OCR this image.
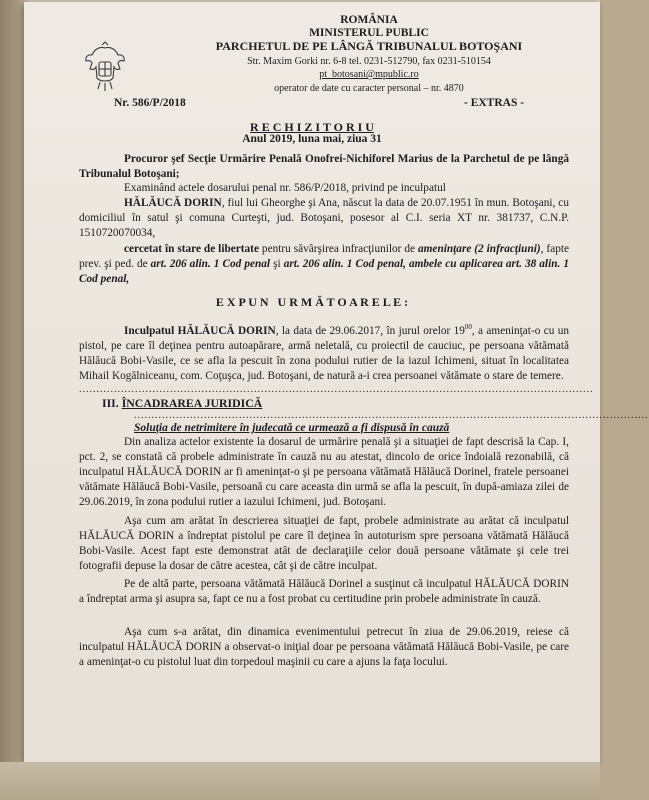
ROMÂNIA
MINISTERUL PUBLIC
PARCHETUL DE PE LÂNGĂ TRIBUNALUL BOTOŞANI
Str. Maxim Gorki nr. 6-8 tel. 0231-512790, fax 0231-510154
pt_botosani@mpublic.ro
operator de date cu caracter personal – nr. 4870
Nr. 586/P/2018	- EXTRAS -
R E C H I Z I T O R I U
Anul 2019, luna mai, ziua 31
Procuror şef Secţie Urmărire Penală Onofrei-Nichiforel Marius de la Parchetul de pe lângă Tribunalul Botoşani;
Examinând actele dosarului penal nr. 586/P/2018, privind pe inculpatul
HĂLĂUCĂ DORIN, fiul lui Gheorghe şi Ana, născut la data de 20.07.1951 în mun. Botoşani, cu domiciliul în satul şi comuna Curteşti, jud. Botoşani, posesor al C.I. seria XT nr. 381737, C.N.P. 1510720070034,
cercetat în stare de libertate pentru săvârşirea infracţiunilor de ameninţare (2 infracţiuni), fapte prev. şi ped. de art. 206 alin. 1 Cod penal şi art. 206 alin. 1 Cod penal, ambele cu aplicarea art. 38 alin. 1 Cod penal,
E X P U N   U R M Ă T O A R E L E :
Inculpatul HĂLĂUCĂ DORIN, la data de 29.06.2017, în jurul orelor $19^{00}$, a ameninţat-o cu un pistol, pe care îl deţinea pentru autoapărare, armă neletală, cu proiectil de cauciuc, pe persoana vătămată Hălăucă Bobi-Vasile, ce se afla la pescuit în zona podului rutier de la iazul Ichimeni, situat în localitatea Mihail Kogălniceanu, com. Coţuşca, jud. Botoşani, de natură a-i crea persoanei vătămate o stare de temere.
...................................................................................................................................................
III. ÎNCADRAREA JURIDICĂ
...................................................................................................................................................
Soluţia de netrimitere în judecată ce urmează a fi dispusă în cauză
Din analiza actelor existente la dosarul de urmărire penală şi a situaţiei de fapt descrisă la Cap. I, pct. 2, se constată că probele administrate în cauză nu au atestat, dincolo de orice îndoială rezonabilă, că inculpatul HĂLĂUCĂ DORIN ar fi ameninţat-o şi pe persoana vătămată Hălăucă Dorinel, fratele persoanei vătămate Hălăucă Bobi-Vasile, persoană cu care aceasta din urmă se afla la pescuit, în după-amiaza zilei de 29.06.2019, în zona podului rutier a iazului Ichimeni, jud. Botoşani.
Aşa cum am arătat în descrierea situaţiei de fapt, probele administrate au arătat că inculpatul HĂLĂUCĂ DORIN a îndreptat pistolul pe care îl deţinea în autoturism spre persoana vătămată Hălăucă Bobi-Vasile. Acest fapt este demonstrat atât de declaraţiile celor două persoane vătămate şi cele trei fotografii depuse la dosar de către acestea, cât şi de către inculpat.
Pe de altă parte, persoana vătămată Hălăucă Dorinel a susţinut că inculpatul HĂLĂUCĂ DORIN a îndreptat arma şi asupra sa, fapt ce nu a fost probat cu certitudine prin probele administrate în cauză.
Aşa cum s-a arătat, din dinamica evenimentului petrecut în ziua de 29.06.2019, reiese că inculpatul HĂLĂUCĂ DORIN a observat-o iniţial doar pe persoana vătămată Hălăucă Bobi-Vasile, pe care a ameninţat-o cu pistolul luat din torpedoul maşinii cu care a ajuns la faţa locului.
